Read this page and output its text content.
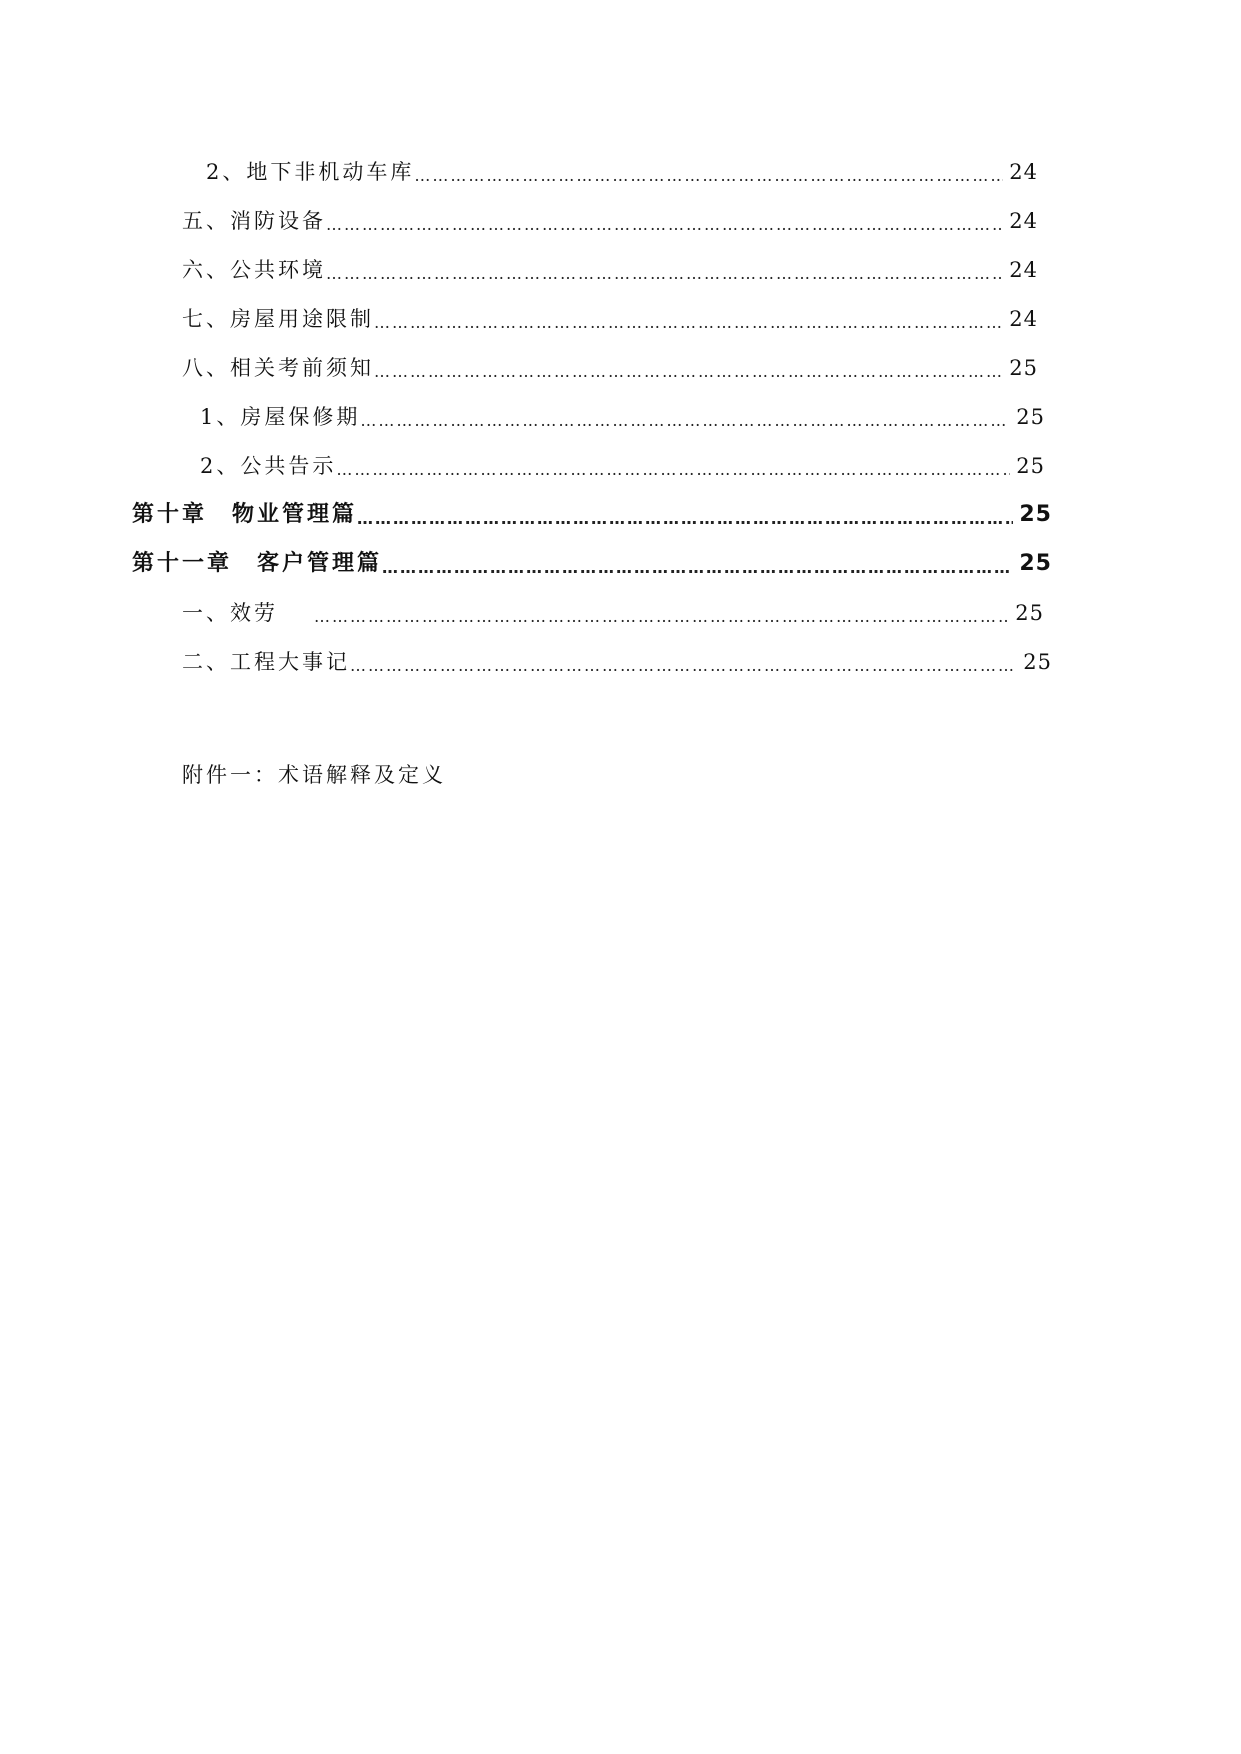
2、地下非机动车库 ……………………………………………………………………………………………………………………………………………………………………………………	24
五、消防设备 ……………………………………………………………………………………………………………………………………………………………………………………	24
六、公共环境 ……………………………………………………………………………………………………………………………………………………………………………………	24
七、房屋用途限制 ……………………………………………………………………………………………………………………………………………………………………………………	24
八、相关考前须知 ……………………………………………………………………………………………………………………………………………………………………………………	25
1、房屋保修期 ……………………………………………………………………………………………………………………………………………………………………………………	25
2、公共告示 ……………………………………………………………………………………………………………………………………………………………………………………	25
第十章　物业管理篇 ……………………………………………………………………………………………………………………………………………………………………………………	25
第十一章　客户管理篇 ……………………………………………………………………………………………………………………………………………………………………………………	25
一、效劳 ……………………………………………………………………………………………………………………………………………………………………………………	25
二、工程大事记 ……………………………………………………………………………………………………………………………………………………………………………………	25
附件一：术语解释及定义
